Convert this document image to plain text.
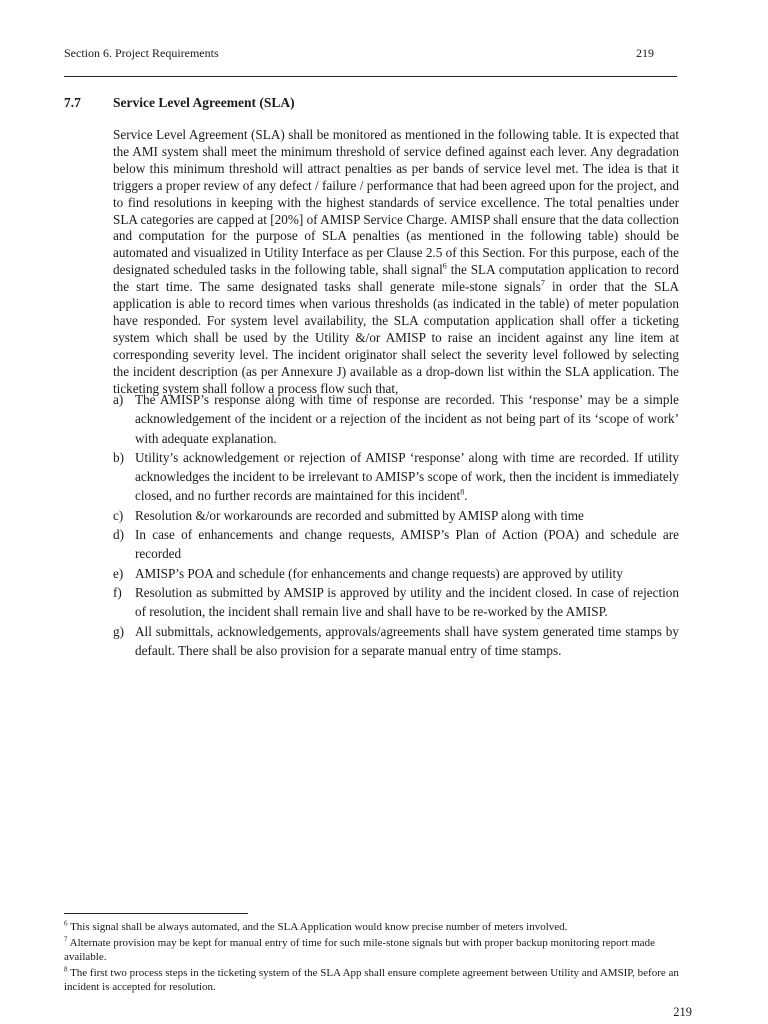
Section 6. Project Requirements	219
7.7	Service Level Agreement (SLA)

Service Level Agreement (SLA) shall be monitored as mentioned in the following table. It is expected that the AMI system shall meet the minimum threshold of service defined against each lever. Any degradation below this minimum threshold will attract penalties as per bands of service level met. The idea is that it triggers a proper review of any defect / failure / performance that had been agreed upon for the project, and to find resolutions in keeping with the highest standards of service excellence. The total penalties under SLA categories are capped at [20%] of AMISP Service Charge. AMISP shall ensure that the data collection and computation for the purpose of SLA penalties (as mentioned in the following table) should be automated and visualized in Utility Interface as per Clause 2.5 of this Section. For this purpose, each of the designated scheduled tasks in the following table, shall signal$^6$ the SLA computation application to record the start time. The same designated tasks shall generate mile-stone signals$^7$ in order that the SLA application is able to record times when various thresholds (as indicated in the table) of meter population have responded. For system level availability, the SLA computation application shall offer a ticketing system which shall be used by the Utility &/or AMISP to raise an incident against any line item at corresponding severity level. The incident originator shall select the severity level followed by selecting the incident description (as per Annexure J) available as a drop-down list within the SLA application. The ticketing system shall follow a process flow such that,

a) The AMISP’s response along with time of response are recorded. This ‘response’ may be a simple acknowledgement of the incident or a rejection of the incident as not being part of its ‘scope of work’ with adequate explanation.
b) Utility’s acknowledgement or rejection of AMISP ‘response’ along with time are recorded. If utility acknowledges the incident to be irrelevant to AMISP’s scope of work, then the incident is immediately closed, and no further records are maintained for this incident$^8$.
c) Resolution &/or workarounds are recorded and submitted by AMISP along with time
d) In case of enhancements and change requests, AMISP’s Plan of Action (POA) and schedule are recorded
e) AMISP’s POA and schedule (for enhancements and change requests) are approved by utility
f) Resolution as submitted by AMSIP is approved by utility and the incident closed. In case of rejection of resolution, the incident shall remain live and shall have to be re-worked by the AMISP.
g) All submittals, acknowledgements, approvals/agreements shall have system generated time stamps by default. There shall be also provision for a separate manual entry of time stamps.
$^6$ This signal shall be always automated, and the SLA Application would know precise number of meters involved.
$^7$ Alternate provision may be kept for manual entry of time for such mile-stone signals but with proper backup monitoring report made available.
$^8$ The first two process steps in the ticketing system of the SLA App shall ensure complete agreement between Utility and AMSIP, before an incident is accepted for resolution.
219
